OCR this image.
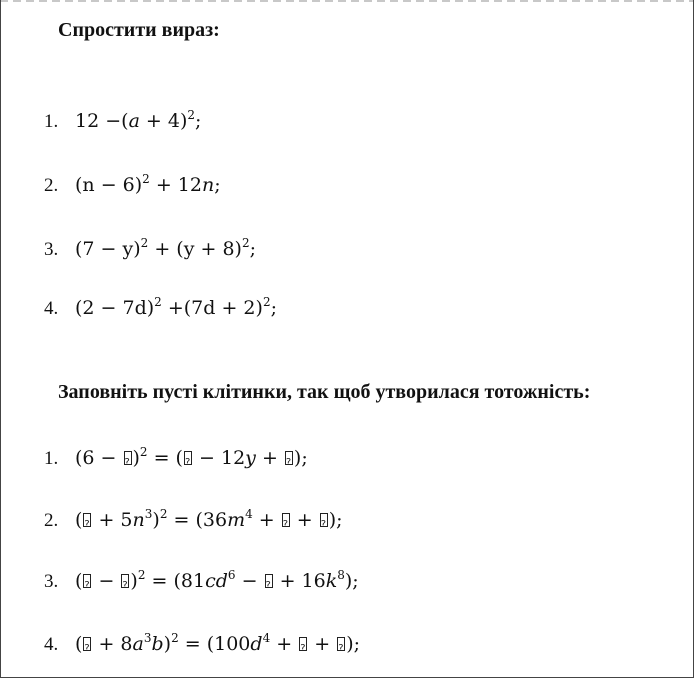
Спростити вираз:
1. $12 -(a + 4)^2$;
2. $(n - 6)^2 + 12n$;
3. $(7 - y)^2 + (y + 8)^2$;
4. $(2 - 7d)^2 +(7d + 2)^2$;
Заповніть пусті клітинки, так щоб утворилася тотожність:
1. (6 − ?)$^2$ = (? − 12y + ?);
2. (? + $5n^3)^2 = (36m^4$ + ? + ?);
3. (? − ?)$^2$ = ($81cd^6$ − ? + $16k^8$);
4. (? + $8a^3b)^2 = (100d^4$ + ? + ?);
